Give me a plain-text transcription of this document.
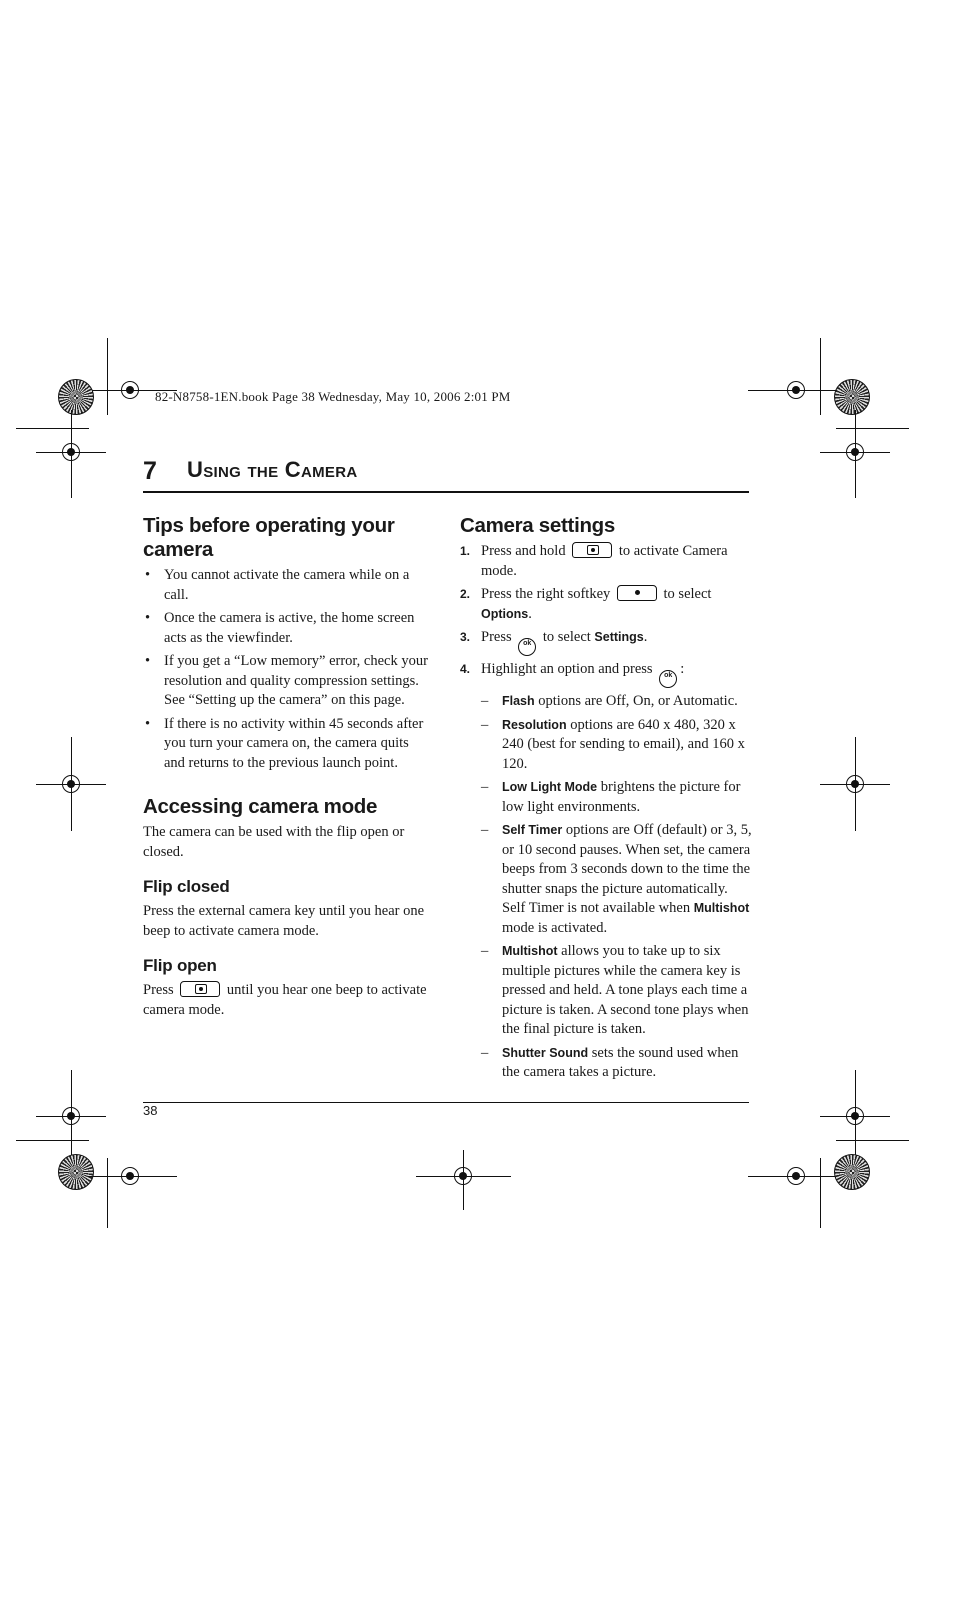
82-N8758-1EN.book Page 38 Wednesday, May 10, 2006 2:01 PM
7 Using the Camera
Tips before operating your camera
• You cannot activate the camera while on a call.
• Once the camera is active, the home screen acts as the viewfinder.
• If you get a “Low memory” error, check your resolution and quality compression settings. See “Setting up the camera” on this page.
• If there is no activity within 45 seconds after you turn your camera on, the camera quits and returns to the previous launch point.
Accessing camera mode

The camera can be used with the flip open or closed.

Flip closed

Press the external camera key until you hear one beep to activate camera mode.

Flip open

Press	until you hear one beep to activate camera mode.

Camera settings
1. Press and hold	to activate Camera mode.
2. Press the right softkey	to select Options.
3. Press ok to select Settings.
4. Highlight an option and press ok :
– Flash options are Off, On, or Automatic.
– Resolution options are 640 x 480, 320 x 240 (best for sending to email), and 160 x 120.
– Low Light Mode brightens the picture for low light environments.
– Self Timer options are Off (default) or 3, 5, or 10 second pauses. When set, the camera beeps from 3 seconds down to the time the shutter snaps the picture automatically. Self Timer is not available when Multishot mode is activated.
– Multishot allows you to take up to six multiple pictures while the camera key is pressed and held. A tone plays each time a picture is taken. A second tone plays when the final picture is taken.
– Shutter Sound sets the sound used when the camera takes a picture.
38
